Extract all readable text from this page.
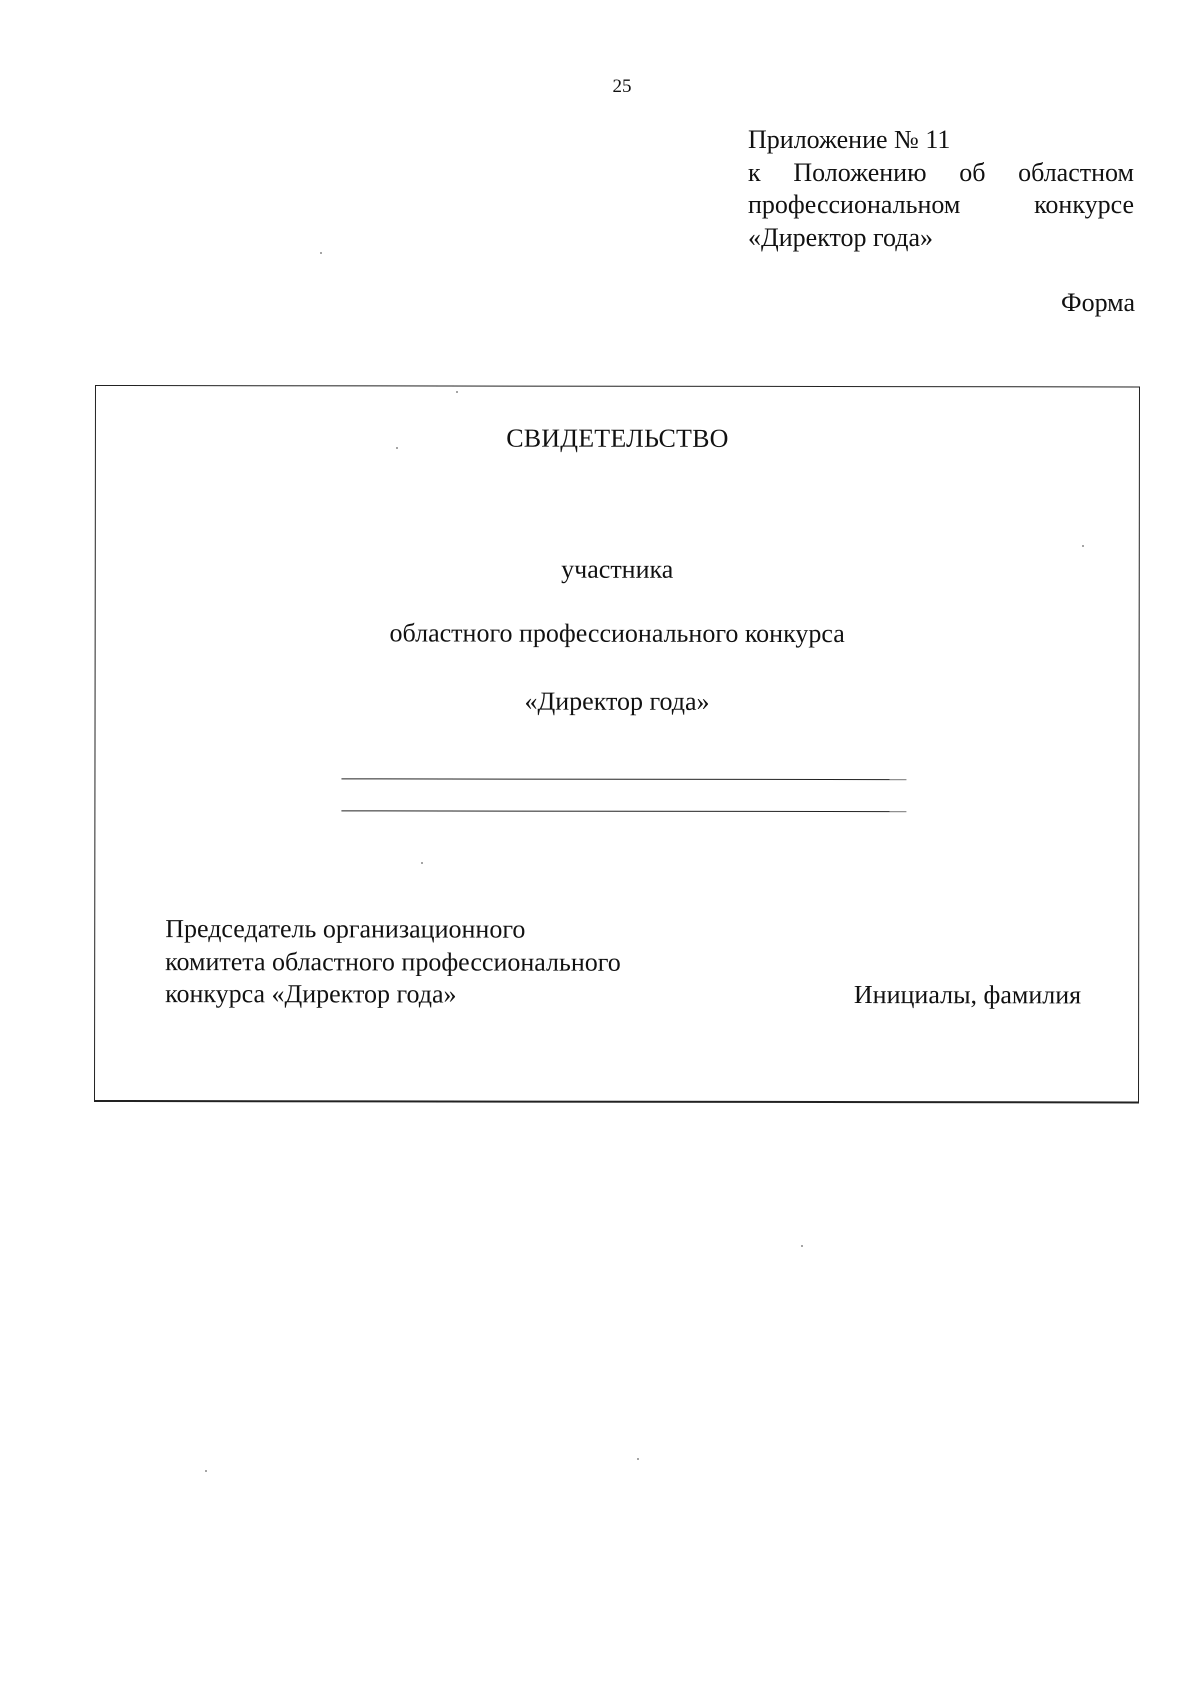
25
Приложение № 11
к Положению об областном
профессиональном конкурсе
«Директор года»
Форма
СВИДЕТЕЛЬСТВО
участника
областного профессионального конкурса
«Директор года»
Председатель организационного
комитета областного профессионального
конкурса «Директор года»	Инициалы, фамилия
